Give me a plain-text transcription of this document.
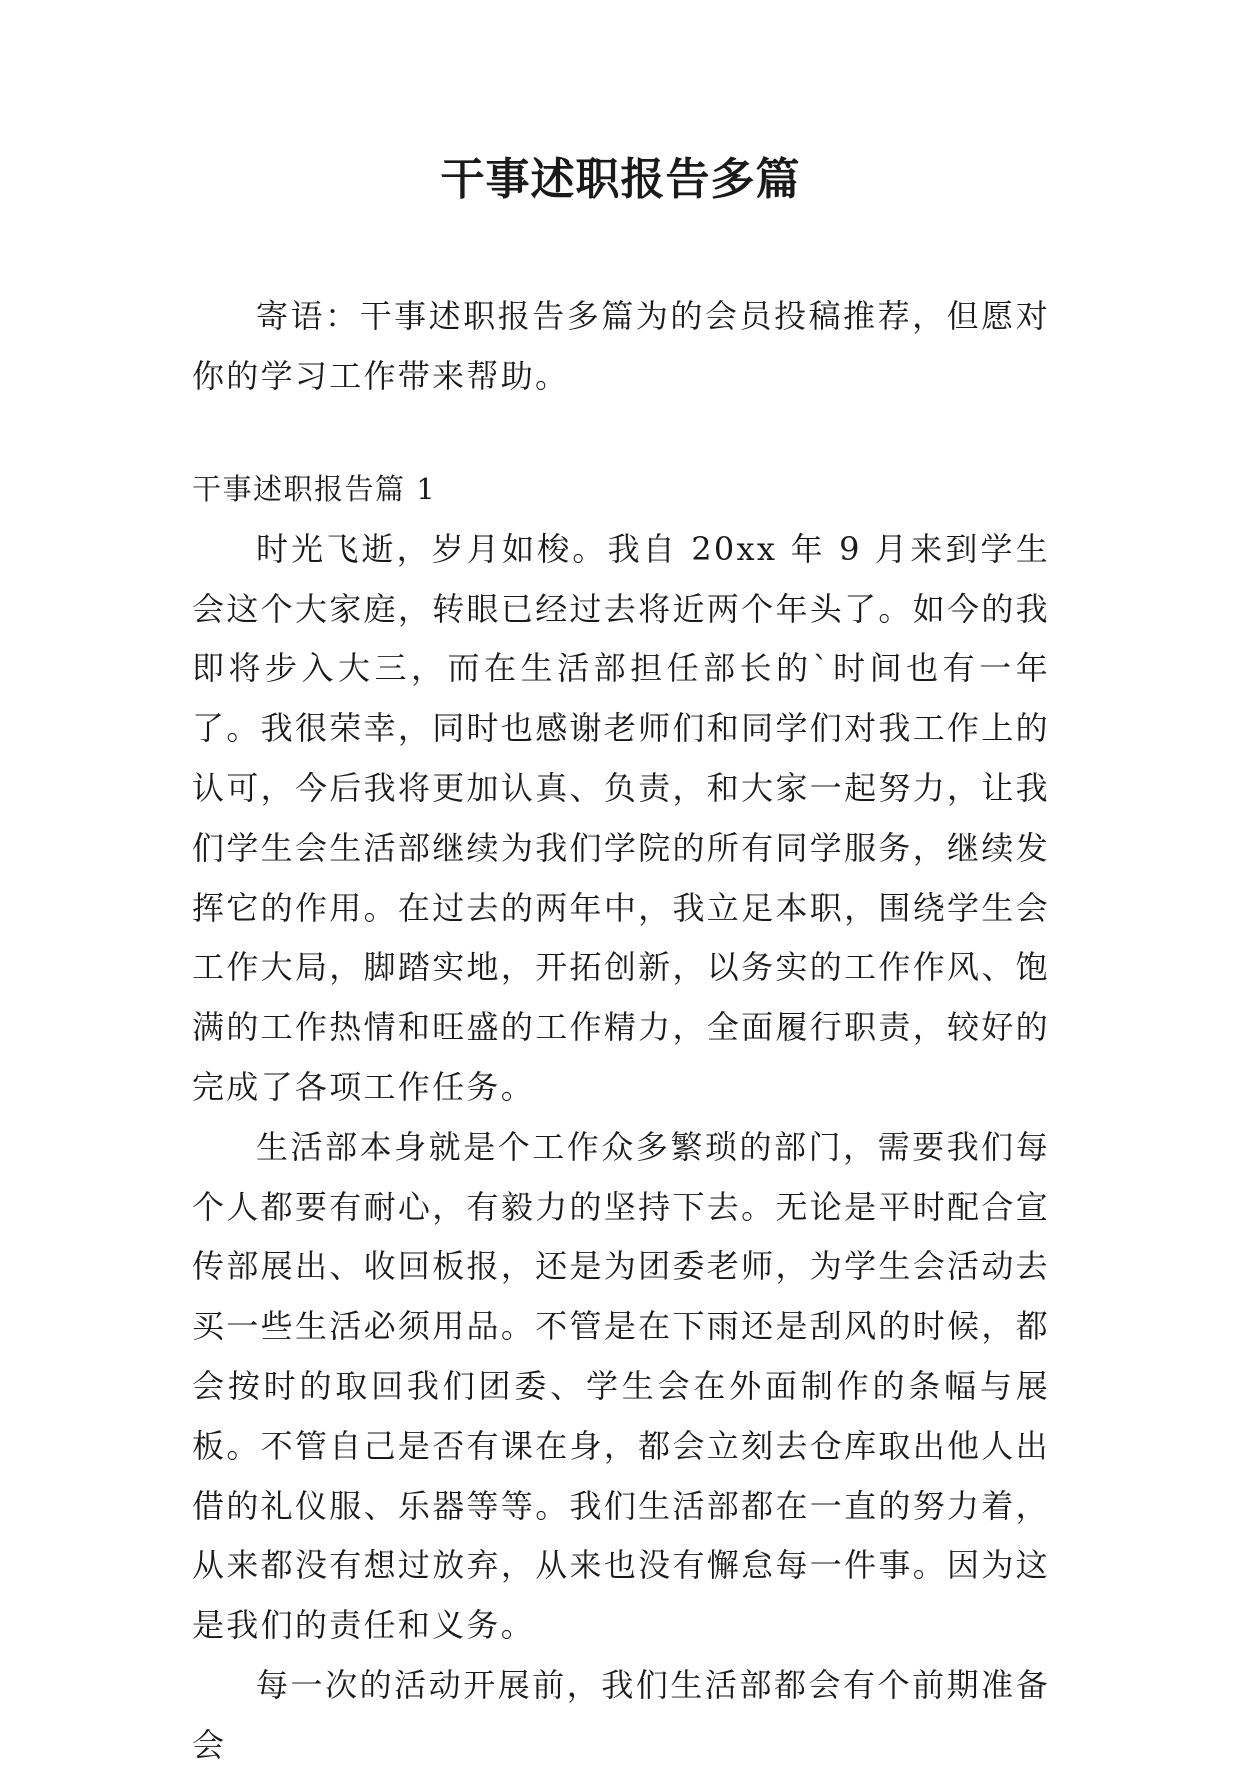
干事述职报告多篇

寄语：干事述职报告多篇为的会员投稿推荐，但愿对你的学习工作带来帮助。

干事述职报告篇 1

时光飞逝，岁月如梭。我自 20xx 年 9 月来到学生会这个大家庭，转眼已经过去将近两个年头了。如今的我即将步入大三，而在生活部担任部长的`时间也有一年了。我很荣幸，同时也感谢老师们和同学们对我工作上的认可，今后我将更加认真、负责，和大家一起努力，让我们学生会生活部继续为我们学院的所有同学服务，继续发挥它的作用。在过去的两年中，我立足本职，围绕学生会工作大局，脚踏实地，开拓创新，以务实的工作作风、饱满的工作热情和旺盛的工作精力，全面履行职责，较好的完成了各项工作任务。

生活部本身就是个工作众多繁琐的部门，需要我们每个人都要有耐心，有毅力的坚持下去。无论是平时配合宣传部展出、收回板报，还是为团委老师，为学生会活动去买一些生活必须用品。不管是在下雨还是刮风的时候，都会按时的取回我们团委、学生会在外面制作的条幅与展板。不管自己是否有课在身，都会立刻去仓库取出他人出借的礼仪服、乐器等等。我们生活部都在一直的努力着，从来都没有想过放弃，从来也没有懈怠每一件事。因为这是我们的责任和义务。

每一次的活动开展前，我们生活部都会有个前期准备会
